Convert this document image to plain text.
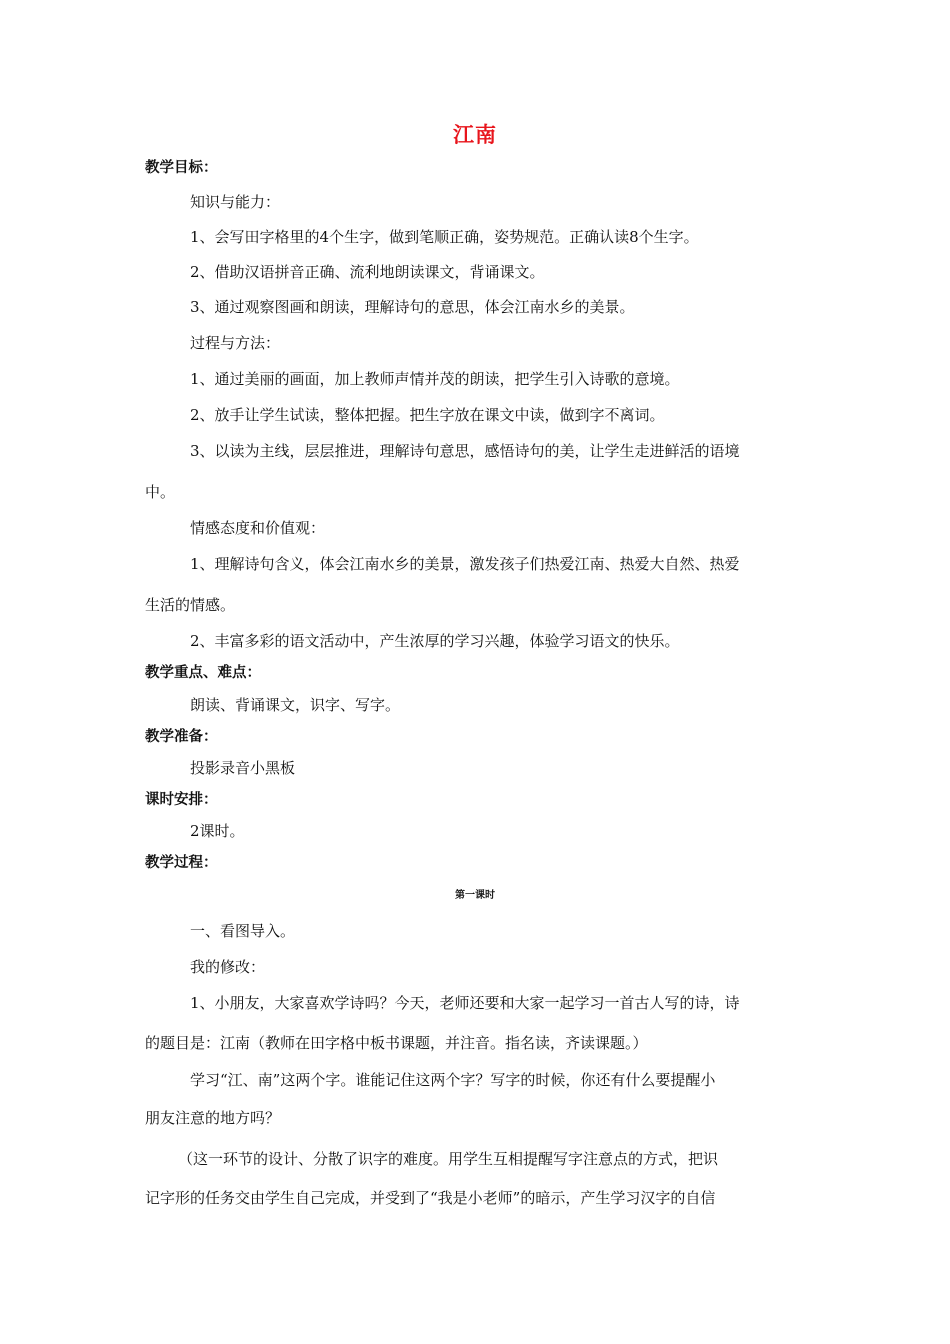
江南
教学目标：
知识与能力：
1、会写田字格里的4个生字，做到笔顺正确，姿势规范。正确认读8个生字。
2、借助汉语拼音正确、流利地朗读课文，背诵课文。
3、通过观察图画和朗读，理解诗句的意思，体会江南水乡的美景。
过程与方法：
1、通过美丽的画面，加上教师声情并茂的朗读，把学生引入诗歌的意境。
2、放手让学生试读，整体把握。把生字放在课文中读，做到字不离词。
3、以读为主线，层层推进，理解诗句意思，感悟诗句的美，让学生走进鲜活的语境
中。
情感态度和价值观：
1、理解诗句含义，体会江南水乡的美景，激发孩子们热爱江南、热爱大自然、热爱
生活的情感。
2、丰富多彩的语文活动中，产生浓厚的学习兴趣，体验学习语文的快乐。
教学重点、难点：
朗读、背诵课文，识字、写字。
教学准备：
投影录音小黑板
课时安排：
2课时。
教学过程：
第一课时
一、看图导入。
我的修改：
1、小朋友，大家喜欢学诗吗？今天，老师还要和大家一起学习一首古人写的诗，诗
的题目是：江南（教师在田字格中板书课题，并注音。指名读，齐读课题。）
学习“江、南”这两个字。谁能记住这两个字？写字的时候，你还有什么要提醒小
朋友注意的地方吗？
（这一环节的设计、分散了识字的难度。用学生互相提醒写字注意点的方式，把识
记字形的任务交由学生自己完成，并受到了“我是小老师”的暗示，产生学习汉字的自信
